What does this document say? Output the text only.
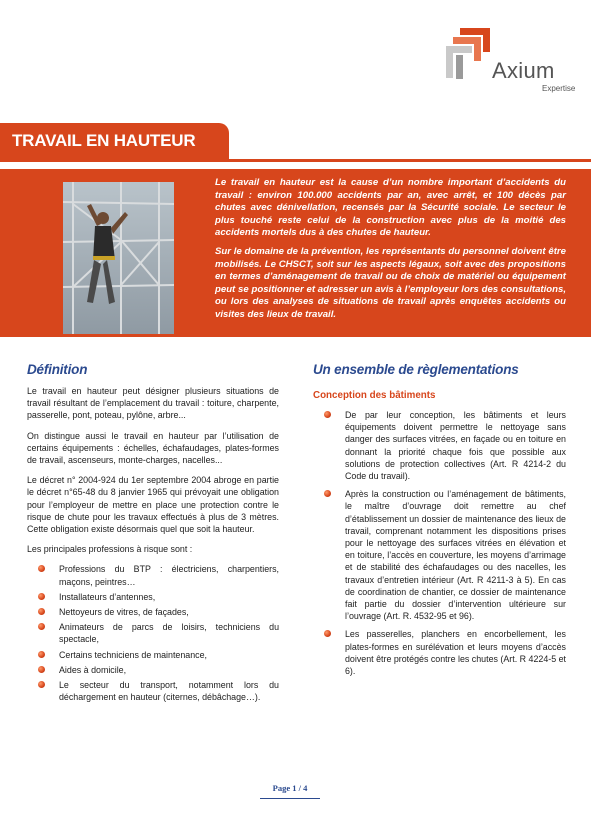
Axium
Expertise
TRAVAIL EN HAUTEUR

Le travail en hauteur est la cause d’un nombre important d’accidents du travail : environ 100.000 accidents par an, avec arrêt, et 100 décès par chutes avec dénivellation, recensés par la Sécurité sociale. Le secteur le plus touché reste celui de la construction avec plus de la moitié des accidents mortels dus à des chutes de hauteur.

Sur le domaine de la prévention, les représentants du personnel doivent être mobilisés. Le CHSCT, soit sur les aspects légaux, soit avec des propositions en termes d’aménagement de travail ou de choix de matériel ou équipement peut se positionner et adresser un avis à l’employeur lors des consultations, ou lors des analyses de situations de travail après enquêtes accidents ou visites des lieux de travail.

Définition

Le travail en hauteur peut désigner plusieurs situations de travail résultant de l’emplacement du travail : toiture, charpente, passerelle, pont, poteau, pylône, arbre...

On distingue aussi le travail en hauteur par l’utilisation de certains équipements : échelles, échafaudages, plates-formes de travail, ascenseurs, monte-charges, nacelles...

Le décret n° 2004-924 du 1er septembre 2004 abroge en partie le décret n°65-48 du 8 janvier 1965 qui prévoyait une obligation pour l’employeur de mettre en place une protection contre le risque de chute pour les travaux effectués à plus de 3 mètres. Cette obligation existe désormais quel que soit la hauteur.

Les principales professions à risque sont :

Professions du BTP : électriciens, charpentiers, maçons, peintres…
Installateurs d’antennes,
Nettoyeurs de vitres, de façades,
Animateurs de parcs de loisirs, techniciens du spectacle,
Certains techniciens de maintenance,
Aides à domicile,
Le secteur du transport, notamment lors du déchargement en hauteur (citernes, débâchage…).
Un ensemble de règlementations
Conception des bâtiments
De par leur conception, les bâtiments et leurs équipements doivent permettre le nettoyage sans danger des surfaces vitrées, en façade ou en toiture en donnant la priorité chaque fois que possible aux solutions de protection collectives (Art. R 4214-2 du Code du travail).
Après la construction ou l’aménagement de bâtiments, le maître d’ouvrage doit remettre au chef d’établissement un dossier de maintenance des lieux de travail, comprenant notamment les dispositions prises pour le nettoyage des surfaces vitrées en élévation et en toiture, l’accès en couverture, les moyens d’arrimage et de stabilité des échafaudages ou des nacelles, les travaux d’entretien intérieur (Art. R 4211-3 à 5). En cas de coordination de chantier, ce dossier de maintenance fait partie du dossier d’intervention ultérieure sur l’ouvrage (Art. R. 4532-95 et 96).
Les passerelles, planchers en encorbellement, les plates-formes en surélévation et leurs moyens d’accès doivent être protégés contre les chutes (Art. R 4224-5 et 6).
Page 1 / 4
